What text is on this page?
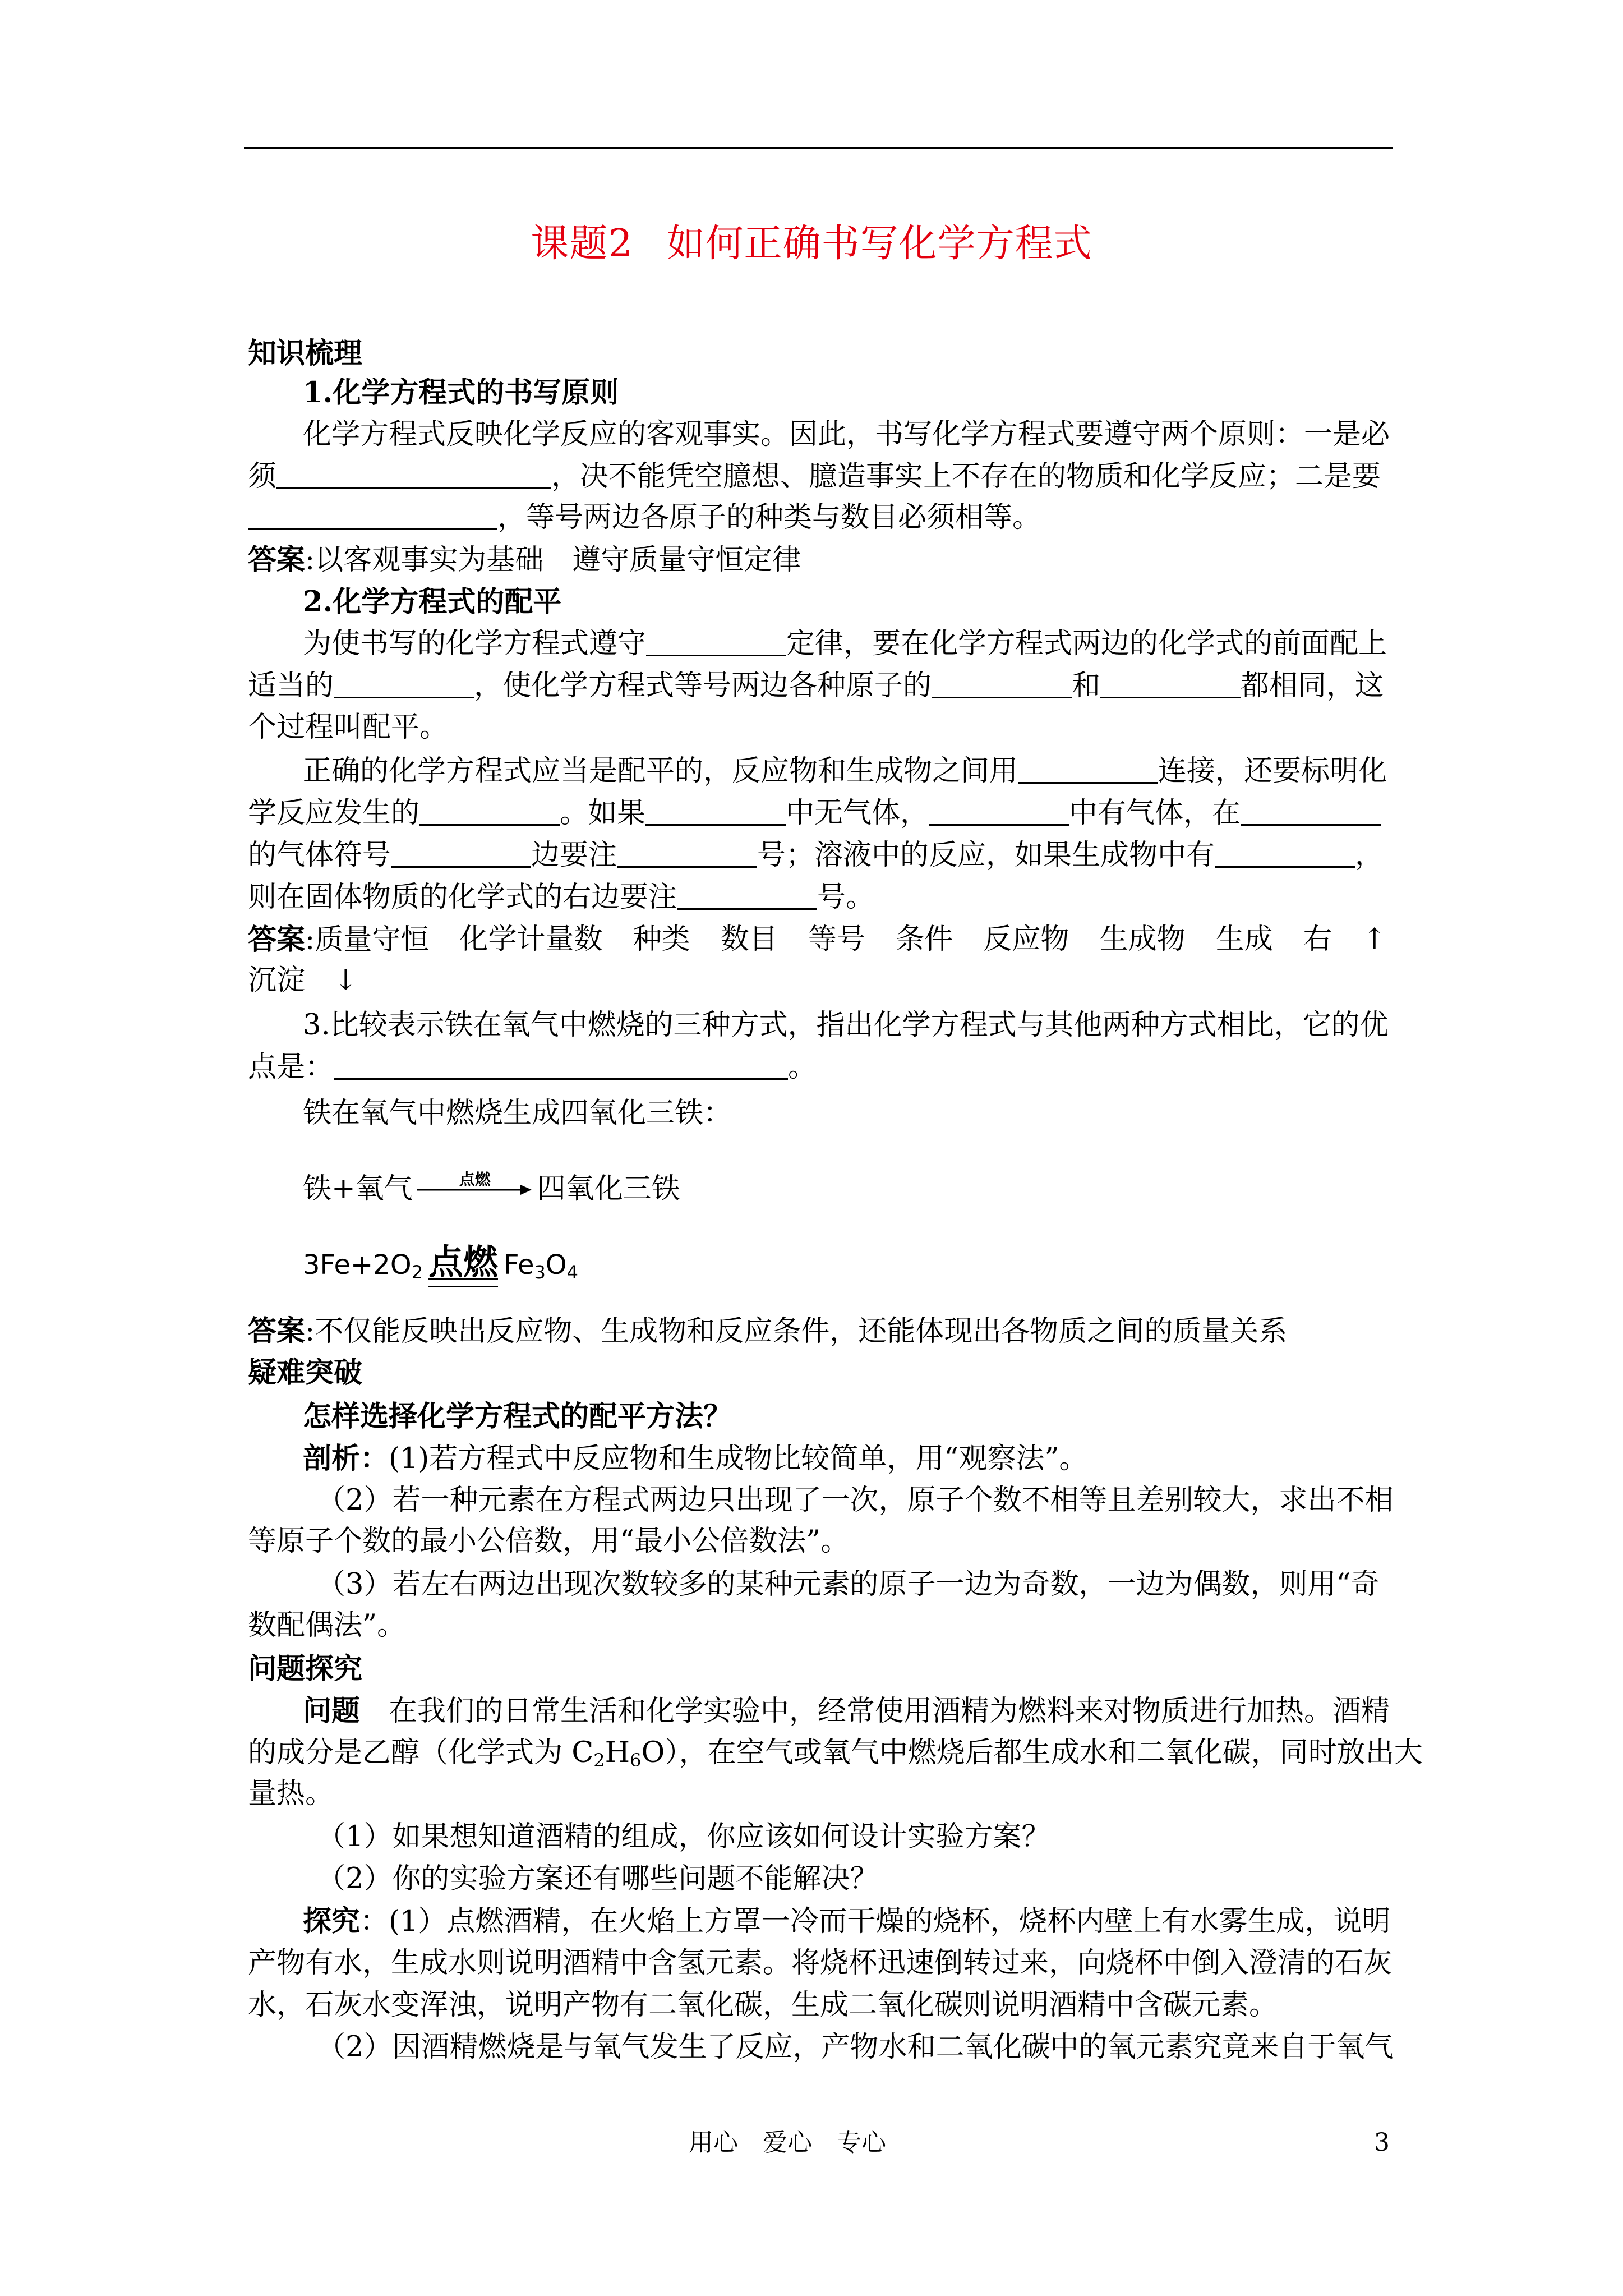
课题2 如何正确书写化学方程式
知识梳理
1.化学方程式的书写原则
化学方程式反映化学反应的客观事实。因此，书写化学方程式要遵守两个原则：一是必
须	，决不能凭空臆想、臆造事实上不存在的物质和化学反应；二是要
，等号两边各原子的种类与数目必须相等。
答案:以客观事实为基础　遵守质量守恒定律
2.化学方程式的配平
为使书写的化学方程式遵守	定律，要在化学方程式两边的化学式的前面配上
适当的	，使化学方程式等号两边各种原子的	和	都相同，这
个过程叫配平。
正确的化学方程式应当是配平的，反应物和生成物之间用	连接，还要标明化
学反应发生的	。如果	中无气体，	中有气体，在
的气体符号	边要注	号；溶液中的反应，如果生成物中有	，
则在固体物质的化学式的右边要注	号。
答案:质量守恒 化学计量数 种类 数目 等号 条件 反应物 生成物 生成 右 ↑
沉淀　↓
3.比较表示铁在氧气中燃烧的三种方式，指出化学方程式与其他两种方式相比，它的优
点是：	。
铁在氧气中燃烧生成四氧化三铁：
铁+氧气	点燃	四氧化三铁
$3Fe+2O_2$ 点燃 $Fe_3O_4$
答案:不仅能反映出反应物、生成物和反应条件，还能体现出各物质之间的质量关系
疑难突破
怎样选择化学方程式的配平方法？
剖析：(1)若方程式中反应物和生成物比较简单，用“观察法”。
（2）若一种元素在方程式两边只出现了一次，原子个数不相等且差别较大，求出不相
等原子个数的最小公倍数，用“最小公倍数法”。
（3）若左右两边出现次数较多的某种元素的原子一边为奇数，一边为偶数，则用“奇
数配偶法”。
问题探究
问题　在我们的日常生活和化学实验中，经常使用酒精为燃料来对物质进行加热。酒精
的成分是乙醇（化学式为 $C_2H_6O$），在空气或氧气中燃烧后都生成水和二氧化碳，同时放出大
量热。
（1）如果想知道酒精的组成，你应该如何设计实验方案？
（2）你的实验方案还有哪些问题不能解决？
探究：(1）点燃酒精，在火焰上方罩一冷而干燥的烧杯，烧杯内壁上有水雾生成，说明
产物有水，生成水则说明酒精中含氢元素。将烧杯迅速倒转过来，向烧杯中倒入澄清的石灰
水，石灰水变浑浊，说明产物有二氧化碳，生成二氧化碳则说明酒精中含碳元素。
（2）因酒精燃烧是与氧气发生了反应，产物水和二氧化碳中的氧元素究竟来自于氧气
用心　爱心　专心	3
